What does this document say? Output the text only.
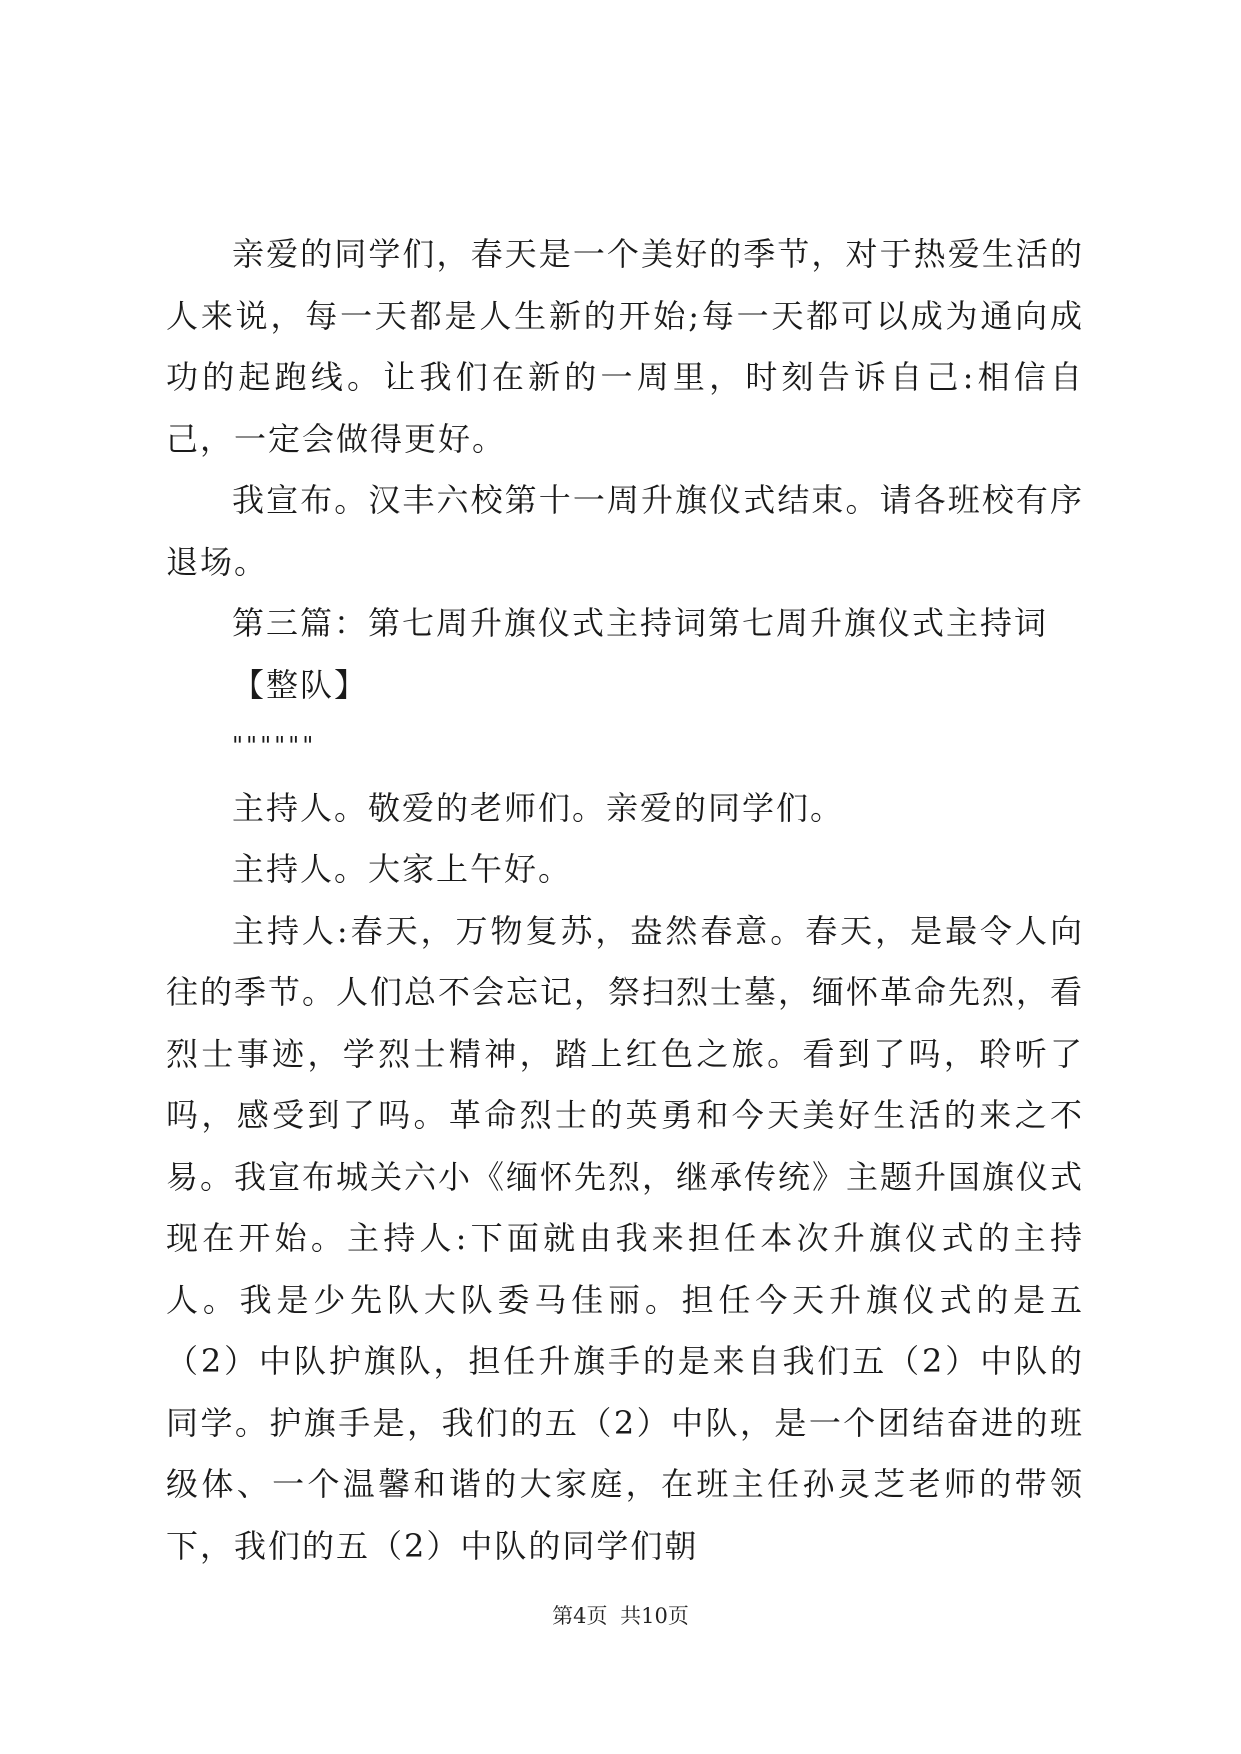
亲爱的同学们，春天是一个美好的季节，对于热爱生活的人来说，每一天都是人生新的开始;每一天都可以成为通向成功的起跑线。让我们在新的一周里，时刻告诉自己:相信自己，一定会做得更好。

我宣布。汉丰六校第十一周升旗仪式结束。请各班校有序退场。

第三篇：第七周升旗仪式主持词第七周升旗仪式主持词

【整队】

""""""

主持人。敬爱的老师们。亲爱的同学们。

主持人。大家上午好。

主持人:春天，万物复苏，盎然春意。春天，是最令人向往的季节。人们总不会忘记，祭扫烈士墓，缅怀革命先烈，看烈士事迹，学烈士精神，踏上红色之旅。看到了吗，聆听了吗，感受到了吗。革命烈士的英勇和今天美好生活的来之不易。我宣布城关六小《缅怀先烈，继承传统》主题升国旗仪式现在开始。主持人:下面就由我来担任本次升旗仪式的主持人。我是少先队大队委马佳丽。担任今天升旗仪式的是五（2）中队护旗队，担任升旗手的是来自我们五（2）中队的同学。护旗手是，我们的五（2）中队，是一个团结奋进的班级体、一个温馨和谐的大家庭，在班主任孙灵芝老师的带领下，我们的五（2）中队的同学们朝

第4页 共10页
